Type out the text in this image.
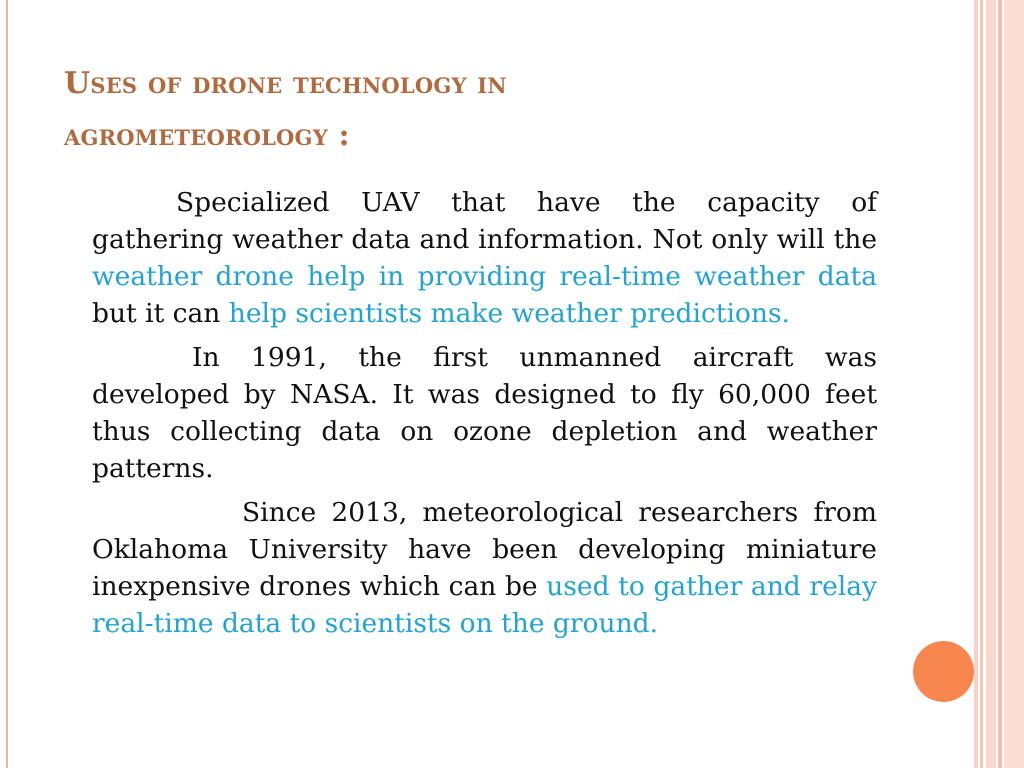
Uses of drone technology in
agrometeorology :

Specialized UAV that have the capacity of gathering weather data and information. Not only will the weather drone help in providing real-time weather data but it can help scientists make weather predictions.

In 1991, the first unmanned aircraft was developed by NASA. It was designed to fly 60,000 feet thus collecting data on ozone depletion and weather patterns.

Since 2013, meteorological researchers from Oklahoma University have been developing miniature inexpensive drones which can be used to gather and relay real-time data to scientists on the ground.
